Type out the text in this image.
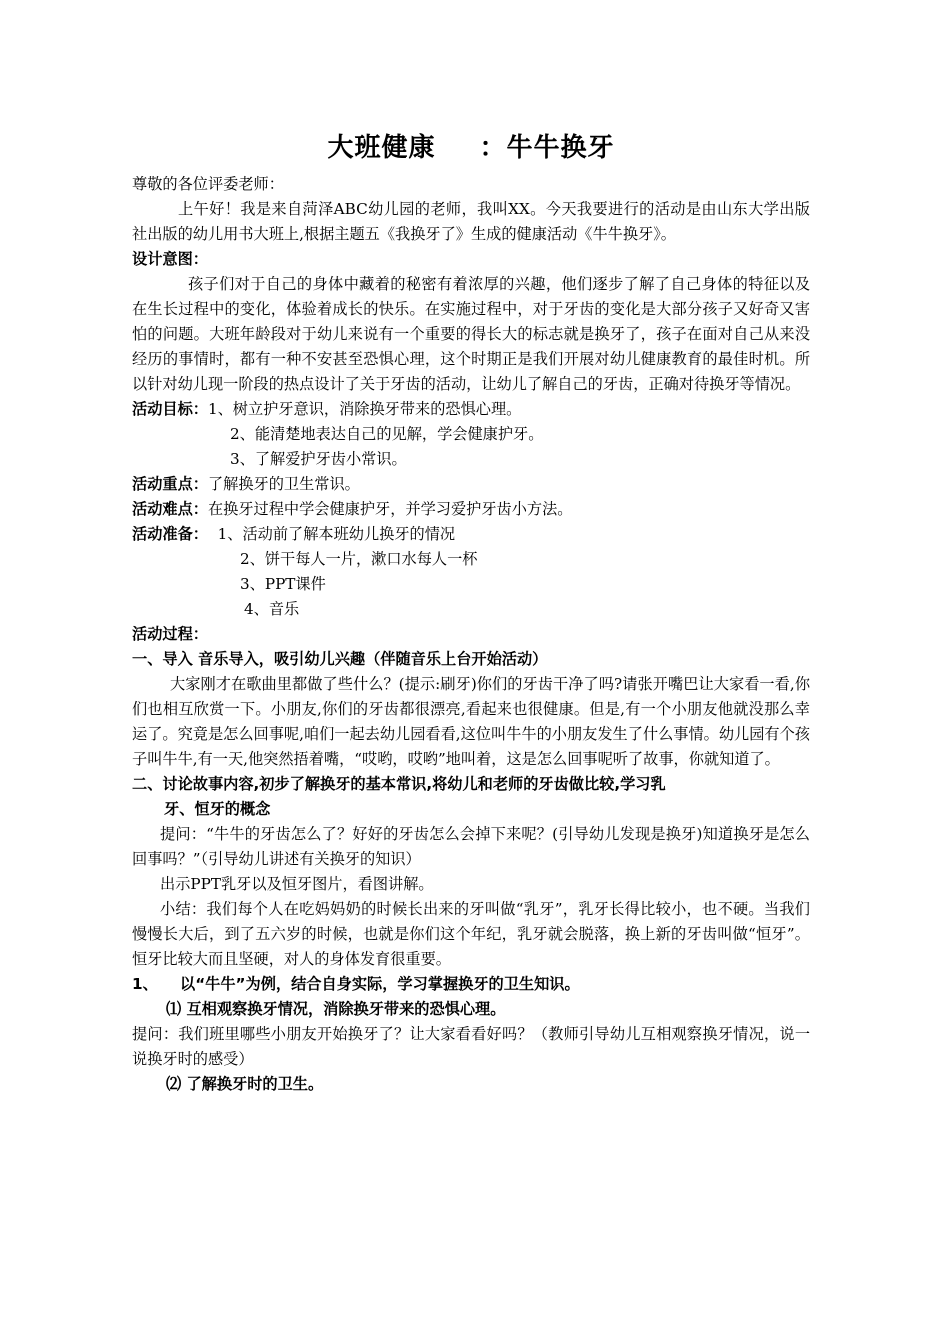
大班健康 ：牛牛换牙

尊敬的各位评委老师：

上午好！我是来自菏泽ABC幼儿园的老师，我叫XX。今天我要进行的活动是由山东大学出版社出版的幼儿用书大班上,根据主题五《我换牙了》生成的健康活动《牛牛换牙》。

设计意图：

孩子们对于自己的身体中藏着的秘密有着浓厚的兴趣，他们逐步了解了自己身体的特征以及在生长过程中的变化，体验着成长的快乐。在实施过程中，对于牙齿的变化是大部分孩子又好奇又害怕的问题。大班年龄段对于幼儿来说有一个重要的得长大的标志就是换牙了，孩子在面对自己从来没经历的事情时，都有一种不安甚至恐惧心理，这个时期正是我们开展对幼儿健康教育的最佳时机。所以针对幼儿现一阶段的热点设计了关于牙齿的活动，让幼儿了解自己的牙齿，正确对待换牙等情况。

活动目标：1、树立护牙意识，消除换牙带来的恐惧心理。

2、能清楚地表达自己的见解，学会健康护牙。

3、了解爱护牙齿小常识。

活动重点：了解换牙的卫生常识。

活动难点：在换牙过程中学会健康护牙，并学习爱护牙齿小方法。

活动准备： 1、活动前了解本班幼儿换牙的情况

2、饼干每人一片，漱口水每人一杯

3、PPT课件

4、音乐

活动过程：

一、导入 音乐导入，吸引幼儿兴趣（伴随音乐上台开始活动）

大家刚才在歌曲里都做了些什么？(提示:刷牙)你们的牙齿干净了吗?请张开嘴巴让大家看一看,你们也相互欣赏一下。小朋友,你们的牙齿都很漂亮,看起来也很健康。但是,有一个小朋友他就没那么幸运了。究竟是怎么回事呢,咱们一起去幼儿园看看,这位叫牛牛的小朋友发生了什么事情。幼儿园有个孩子叫牛牛,有一天,他突然捂着嘴，“哎哟，哎哟”地叫着，这是怎么回事呢听了故事，你就知道了。

二、讨论故事内容,初步了解换牙的基本常识,将幼儿和老师的牙齿做比较,学习乳

牙、恒牙的概念

提问：“牛牛的牙齿怎么了？好好的牙齿怎么会掉下来呢？(引导幼儿发现是换牙)知道换牙是怎么回事吗？”（引导幼儿讲述有关换牙的知识）

出示PPT乳牙以及恒牙图片，看图讲解。

小结：我们每个人在吃妈妈奶的时候长出来的牙叫做“乳牙”，乳牙长得比较小，也不硬。当我们慢慢长大后，到了五六岁的时候，也就是你们这个年纪，乳牙就会脱落，换上新的牙齿叫做“恒牙”。恒牙比较大而且坚硬，对人的身体发育很重要。

1、 以“牛牛”为例，结合自身实际，学习掌握换牙的卫生知识。

⑴ 互相观察换牙情况，消除换牙带来的恐惧心理。

提问：我们班里哪些小朋友开始换牙了？让大家看看好吗？（教师引导幼儿互相观察换牙情况，说一说换牙时的感受）

⑵ 了解换牙时的卫生。
